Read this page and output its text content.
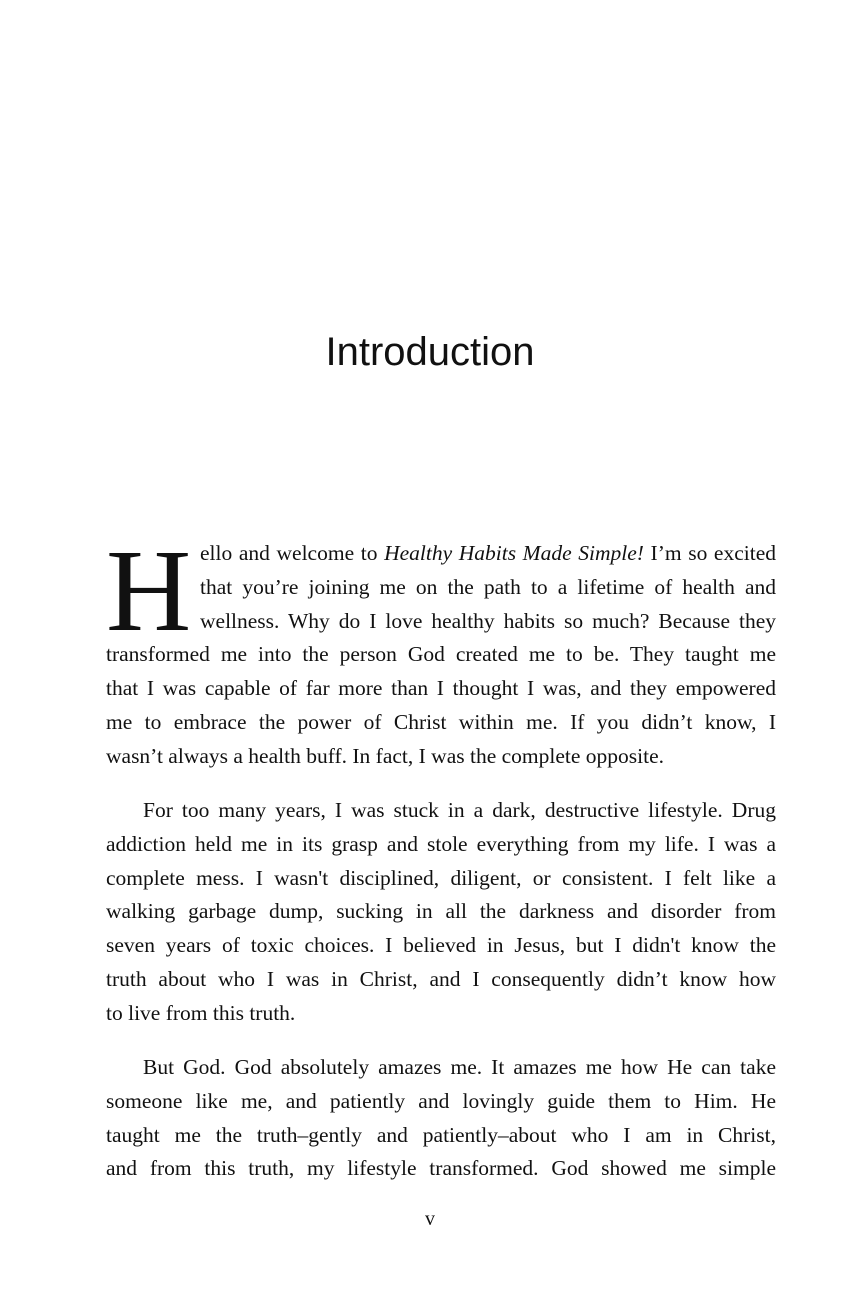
Introduction
H ello and welcome to Healthy Habits Made Simple! I’m so excited
that you’re joining me on the path to a lifetime of health and
wellness. Why do I love healthy habits so much? Because they
transformed me into the person God created me to be. They taught me
that I was capable of far more than I thought I was, and they empowered
me to embrace the power of Christ within me. If you didn’t know, I
wasn’t always a health buff. In fact, I was the complete opposite.
For too many years, I was stuck in a dark, destructive lifestyle. Drug
addiction held me in its grasp and stole everything from my life. I was a
complete mess. I wasn't disciplined, diligent, or consistent. I felt like a
walking garbage dump, sucking in all the darkness and disorder from
seven years of toxic choices. I believed in Jesus, but I didn't know the
truth about who I was in Christ, and I consequently didn’t know how
to live from this truth.
But God. God absolutely amazes me. It amazes me how He can take
someone like me, and patiently and lovingly guide them to Him. He
taught me the truth–gently and patiently–about who I am in Christ,
and from this truth, my lifestyle transformed. God showed me simple
v
